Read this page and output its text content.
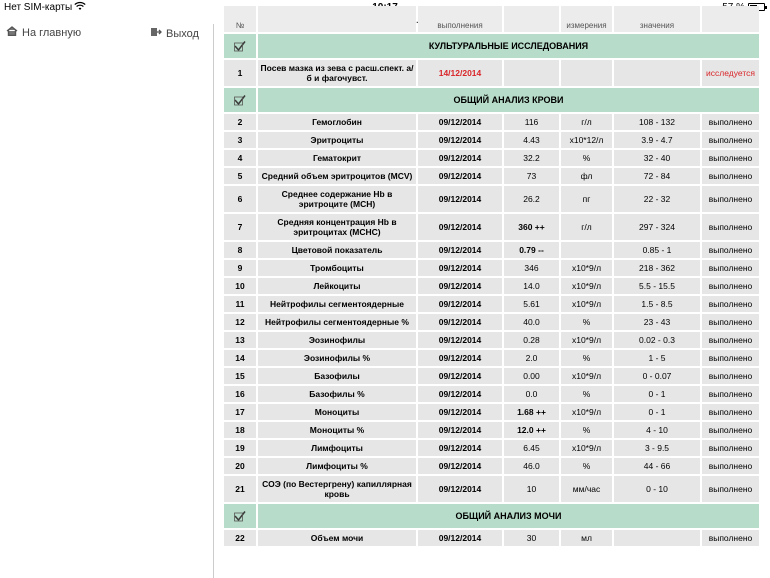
Нет SIM-карты
На главную	Выход
№		выполнения		измерения	значения	
	КУЛЬТУРАЛЬНЫЕ ИССЛЕДОВАНИЯ					
1	Посев мазка из зева с расш.спект. а/б и фагочувст.	14/12/2014				исследуется
	ОБЩИЙ АНАЛИЗ КРОВИ					
2	Гемоглобин	09/12/2014	116	г/л	108 - 132	выполнено
3	Эритроциты	09/12/2014	4.43	x10*12/л	3.9 - 4.7	выполнено
4	Гематокрит	09/12/2014	32.2	%	32 - 40	выполнено
5	Средний объем эритроцитов (MCV)	09/12/2014	73	фл	72 - 84	выполнено
6	Среднее содержание Hb в эритроците (MCH)	09/12/2014	26.2	пг	22 - 32	выполнено
7	Средняя концентрация Hb в эритроцитах (MCHC)	09/12/2014	360 ++	г/л	297 - 324	выполнено
8	Цветовой показатель	09/12/2014	0.79 --		0.85 - 1	выполнено
9	Тромбоциты	09/12/2014	346	x10*9/л	218 - 362	выполнено
10	Лейкоциты	09/12/2014	14.0	x10*9/л	5.5 - 15.5	выполнено
11	Нейтрофилы сегментоядерные	09/12/2014	5.61	x10*9/л	1.5 - 8.5	выполнено
12	Нейтрофилы сегментоядерные %	09/12/2014	40.0	%	23 - 43	выполнено
13	Эозинофилы	09/12/2014	0.28	x10*9/л	0.02 - 0.3	выполнено
14	Эозинофилы %	09/12/2014	2.0	%	1 - 5	выполнено
15	Базофилы	09/12/2014	0.00	x10*9/л	0 - 0.07	выполнено
16	Базофилы %	09/12/2014	0.0	%	0 - 1	выполнено
17	Моноциты	09/12/2014	1.68 ++	x10*9/л	0 - 1	выполнено
18	Моноциты %	09/12/2014	12.0 ++	%	4 - 10	выполнено
19	Лимфоциты	09/12/2014	6.45	x10*9/л	3 - 9.5	выполнено
20	Лимфоциты %	09/12/2014	46.0	%	44 - 66	выполнено
21	СОЭ (по Вестергрену) капиллярная кровь	09/12/2014	10	мм/час	0 - 10	выполнено
	ОБЩИЙ АНАЛИЗ МОЧИ					
22	Объем мочи	09/12/2014	30	мл		выполнено
